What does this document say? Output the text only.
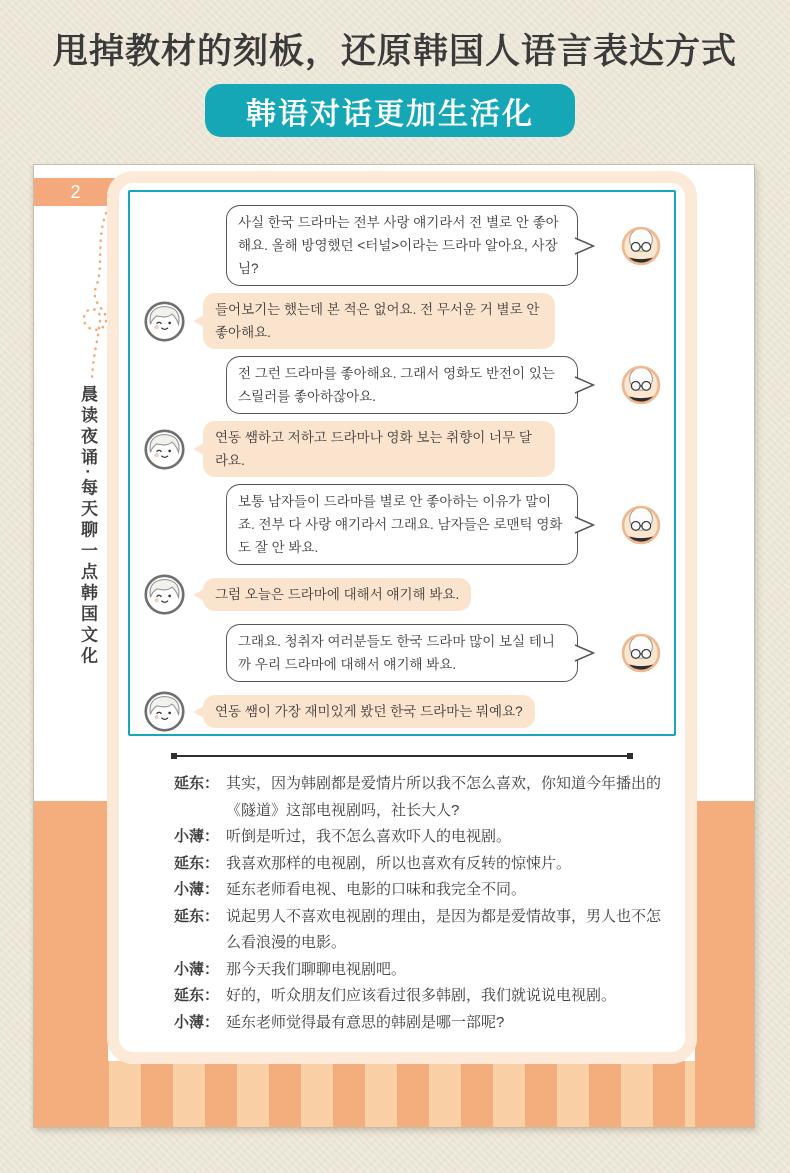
甩掉教材的刻板，还原韩国人语言表达方式
韩语对话更加生活化
2
晨读夜诵·每天聊一点韩国文化
사실 한국 드라마는 전부 사랑 얘기라서 전 별로 안 좋아해요. 올해 방영했던 <터널>이라는 드라마 알아요, 사장님?
들어보기는 했는데 본 적은 없어요. 전 무서운 거 별로 안 좋아해요.
전 그런 드라마를 좋아해요. 그래서 영화도 반전이 있는 스릴러를 좋아하잖아요.
연동 쌤하고 저하고 드라마나 영화 보는 취향이 너무 달라요.
보통 남자들이 드라마를 별로 안 좋아하는 이유가 말이죠. 전부 다 사랑 얘기라서 그래요. 남자들은 로맨틱 영화도 잘 안 봐요.
그럼 오늘은 드라마에 대해서 얘기해 봐요.
그래요. 청취자 여러분들도 한국 드라마 많이 보실 테니까 우리 드라마에 대해서 얘기해 봐요.
연동 쌤이 가장 재미있게 봤던 한국 드라마는 뭐예요?
延东： 其实，因为韩剧都是爱情片所以我不怎么喜欢，你知道今年播出的《隧道》这部电视剧吗，社长大人?
小薄： 听倒是听过，我不怎么喜欢吓人的电视剧。
延东： 我喜欢那样的电视剧，所以也喜欢有反转的惊悚片。
小薄： 延东老师看电视、电影的口味和我完全不同。
延东： 说起男人不喜欢电视剧的理由，是因为都是爱情故事，男人也不怎么看浪漫的电影。
小薄： 那今天我们聊聊电视剧吧。
延东： 好的，听众朋友们应该看过很多韩剧，我们就说说电视剧。
小薄： 延东老师觉得最有意思的韩剧是哪一部呢?
